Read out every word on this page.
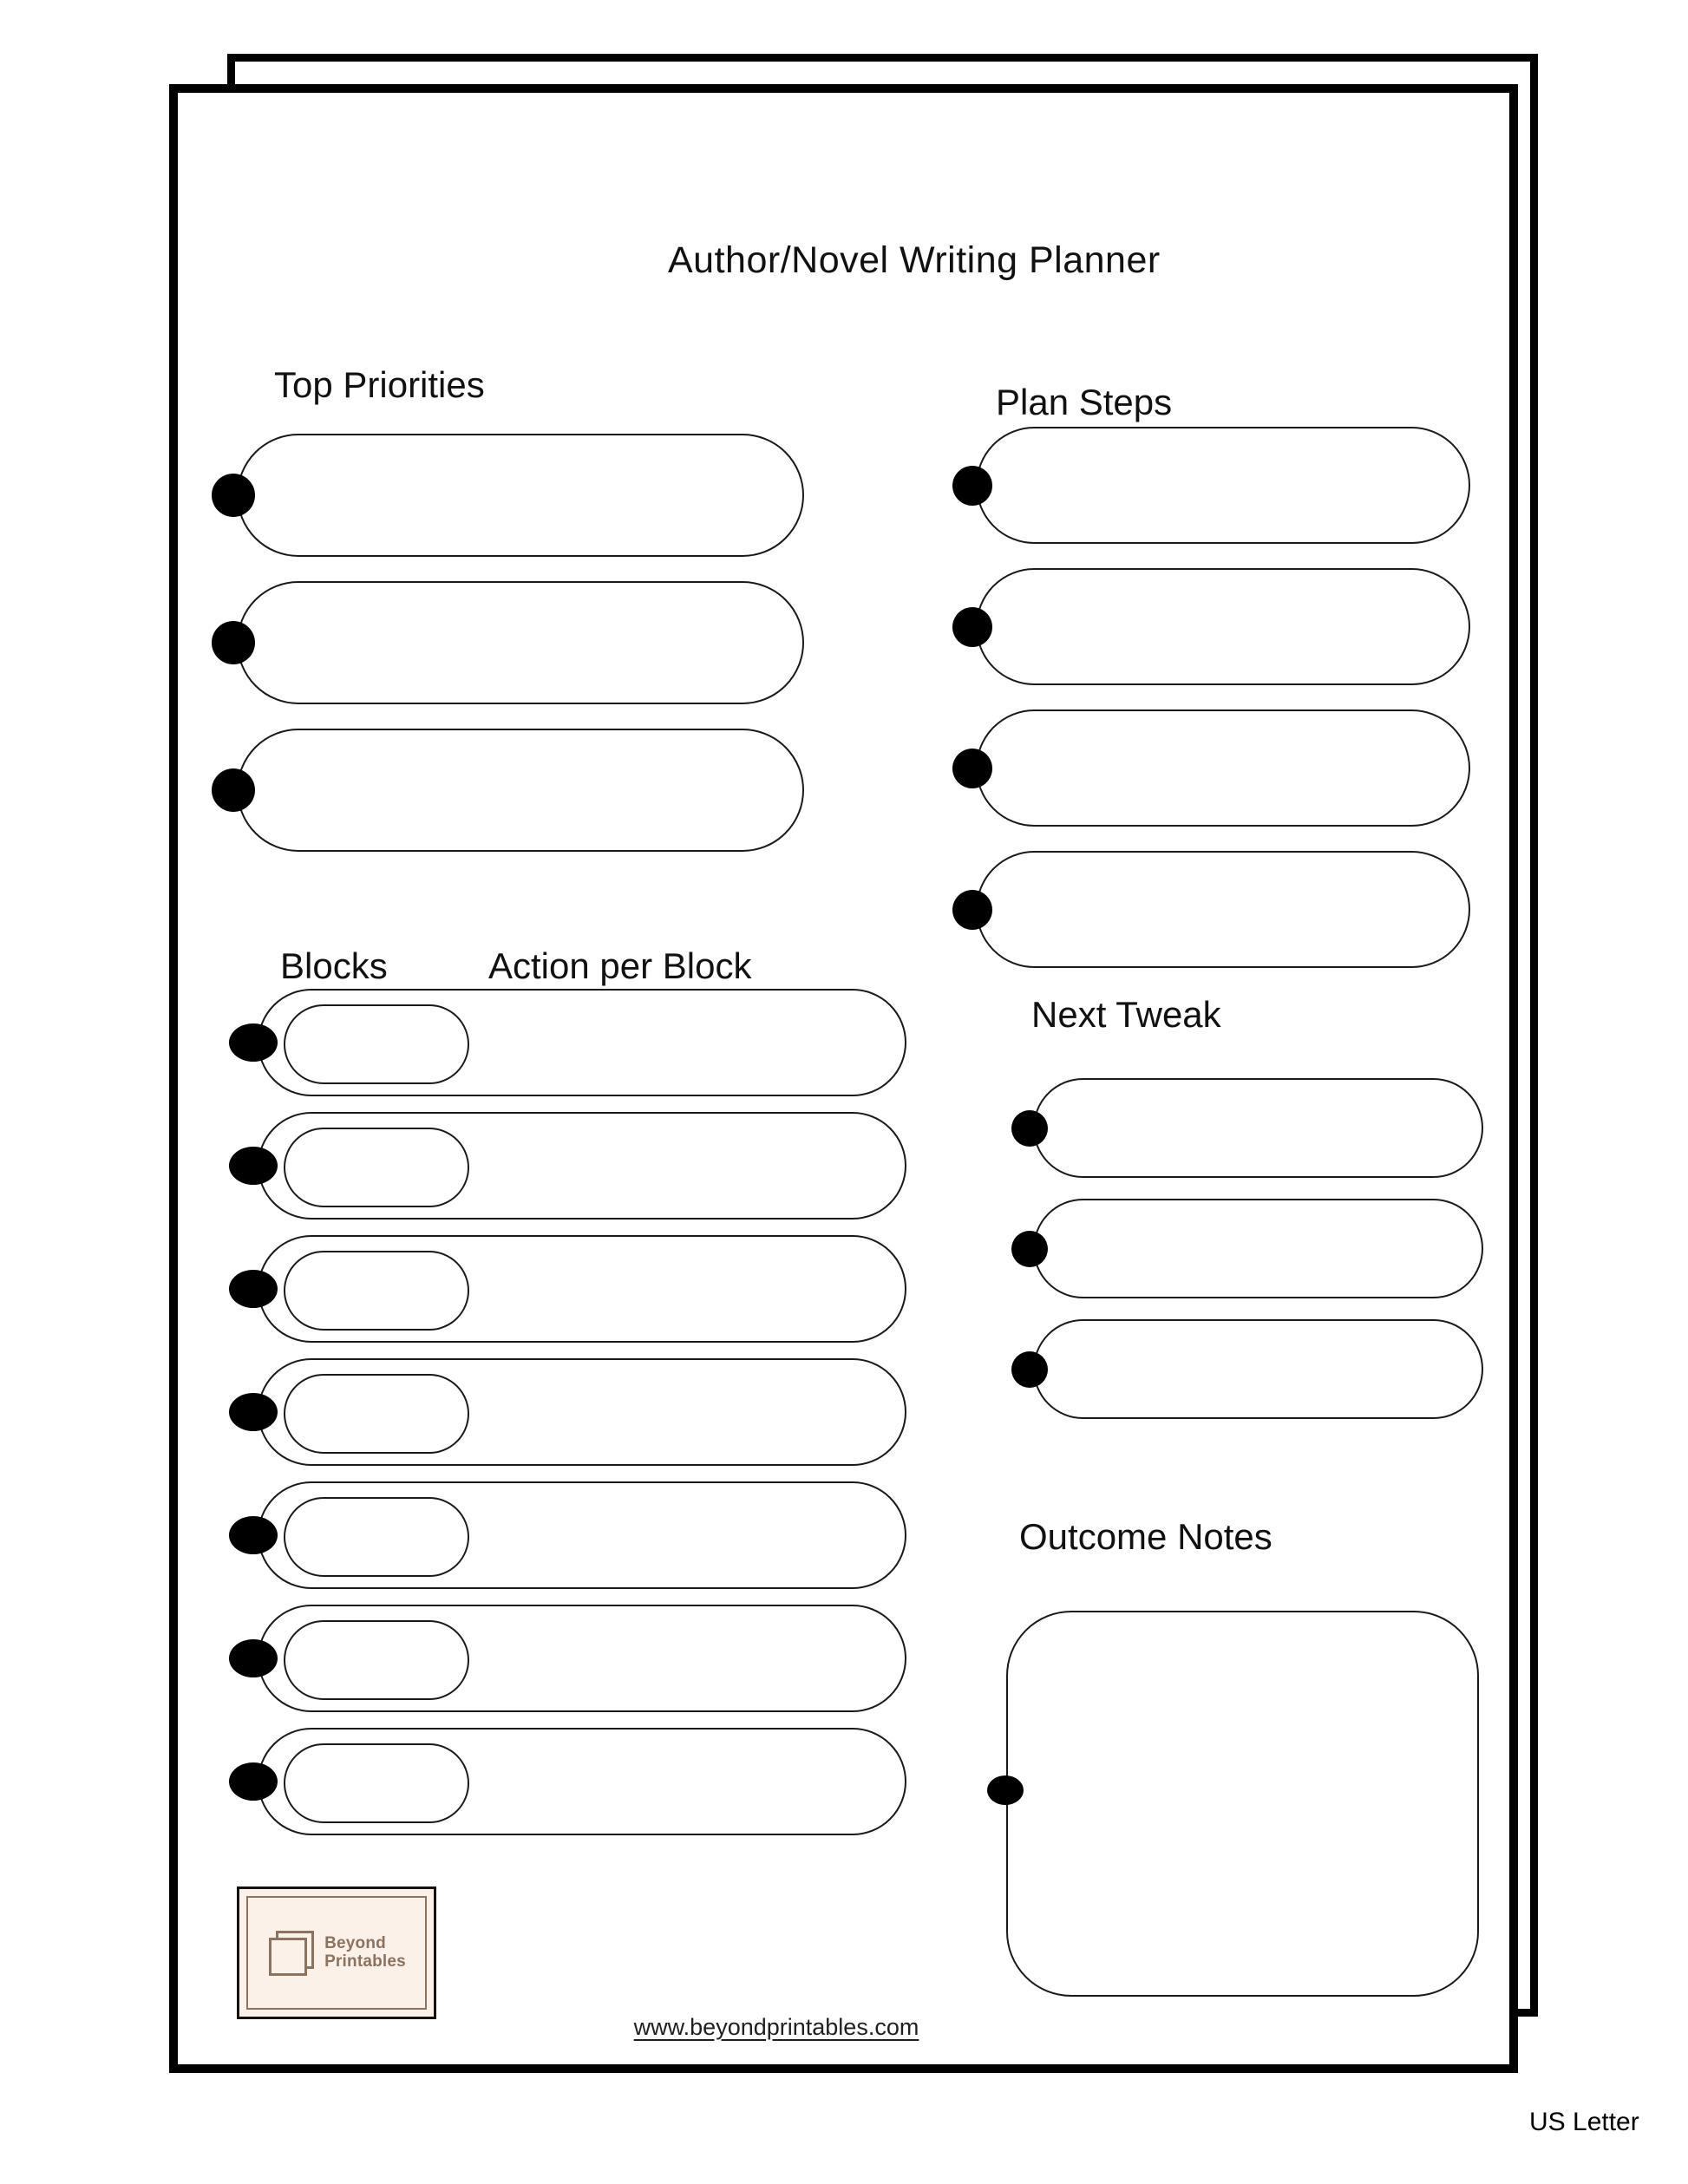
Author/Novel Writing Planner
Top Priorities	Plan Steps
Blocks	Action per Block
Next Tweak
Outcome Notes
Beyond
Printables
www.beyondprintables.com
US Letter
